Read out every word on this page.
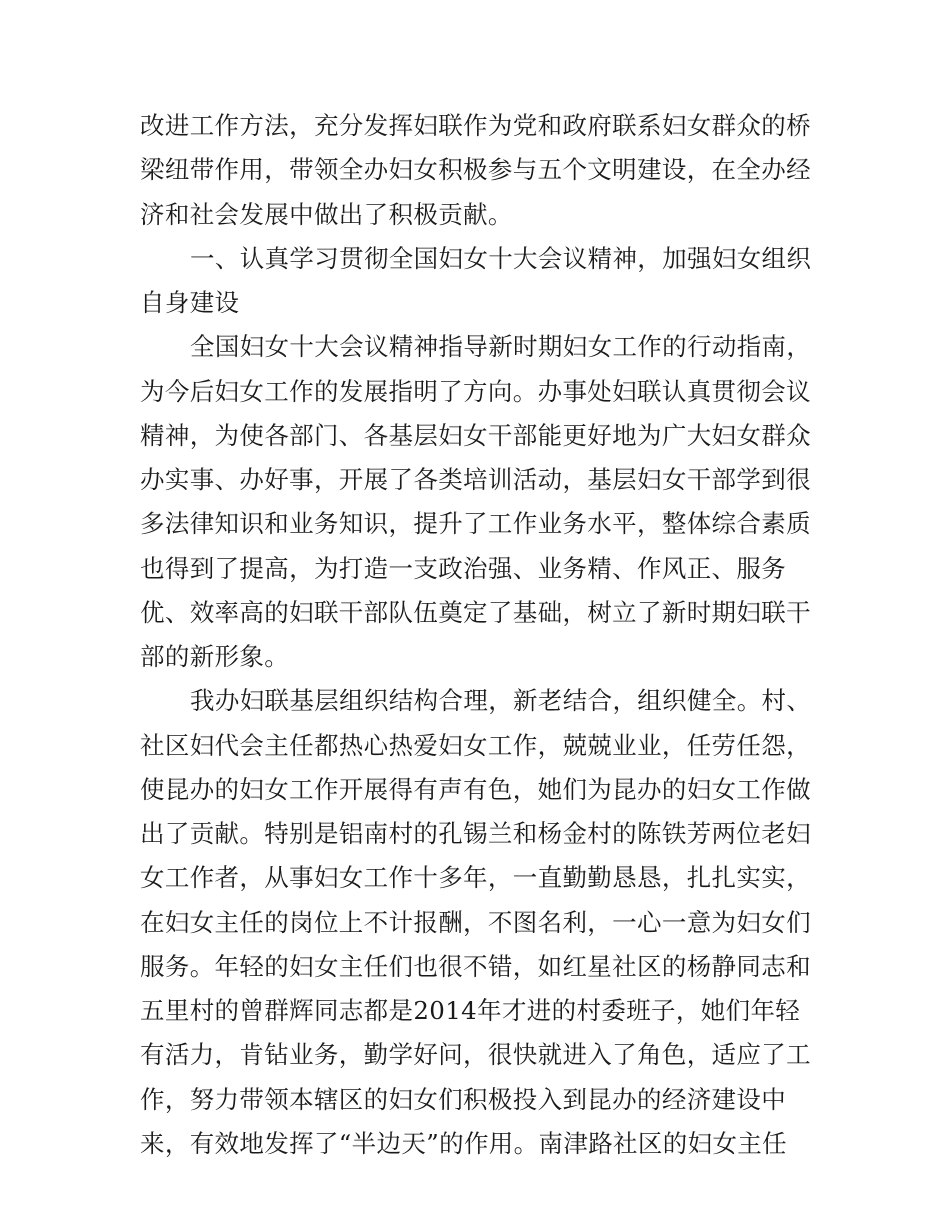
改进工作方法，充分发挥妇联作为党和政府联系妇女群众的桥
梁纽带作用，带领全办妇女积极参与五个文明建设，在全办经
济和社会发展中做出了积极贡献。
一、认真学习贯彻全国妇女十大会议精神，加强妇女组织
自身建设
全国妇女十大会议精神指导新时期妇女工作的行动指南，
为今后妇女工作的发展指明了方向。办事处妇联认真贯彻会议
精神，为使各部门、各基层妇女干部能更好地为广大妇女群众
办实事、办好事，开展了各类培训活动，基层妇女干部学到很
多法律知识和业务知识，提升了工作业务水平，整体综合素质
也得到了提高，为打造一支政治强、业务精、作风正、服务
优、效率高的妇联干部队伍奠定了基础，树立了新时期妇联干
部的新形象。
我办妇联基层组织结构合理，新老结合，组织健全。村、
社区妇代会主任都热心热爱妇女工作，兢兢业业，任劳任怨，
使昆办的妇女工作开展得有声有色，她们为昆办的妇女工作做
出了贡献。特别是铝南村的孔锡兰和杨金村的陈铁芳两位老妇
女工作者，从事妇女工作十多年，一直勤勤恳恳，扎扎实实，
在妇女主任的岗位上不计报酬，不图名利，一心一意为妇女们
服务。年轻的妇女主任们也很不错，如红星社区的杨静同志和
五里村的曾群辉同志都是2014年才进的村委班子，她们年轻
有活力，肯钻业务，勤学好问，很快就进入了角色，适应了工
作，努力带领本辖区的妇女们积极投入到昆办的经济建设中
来，有效地发挥了“半边天”的作用。南津路社区的妇女主任
